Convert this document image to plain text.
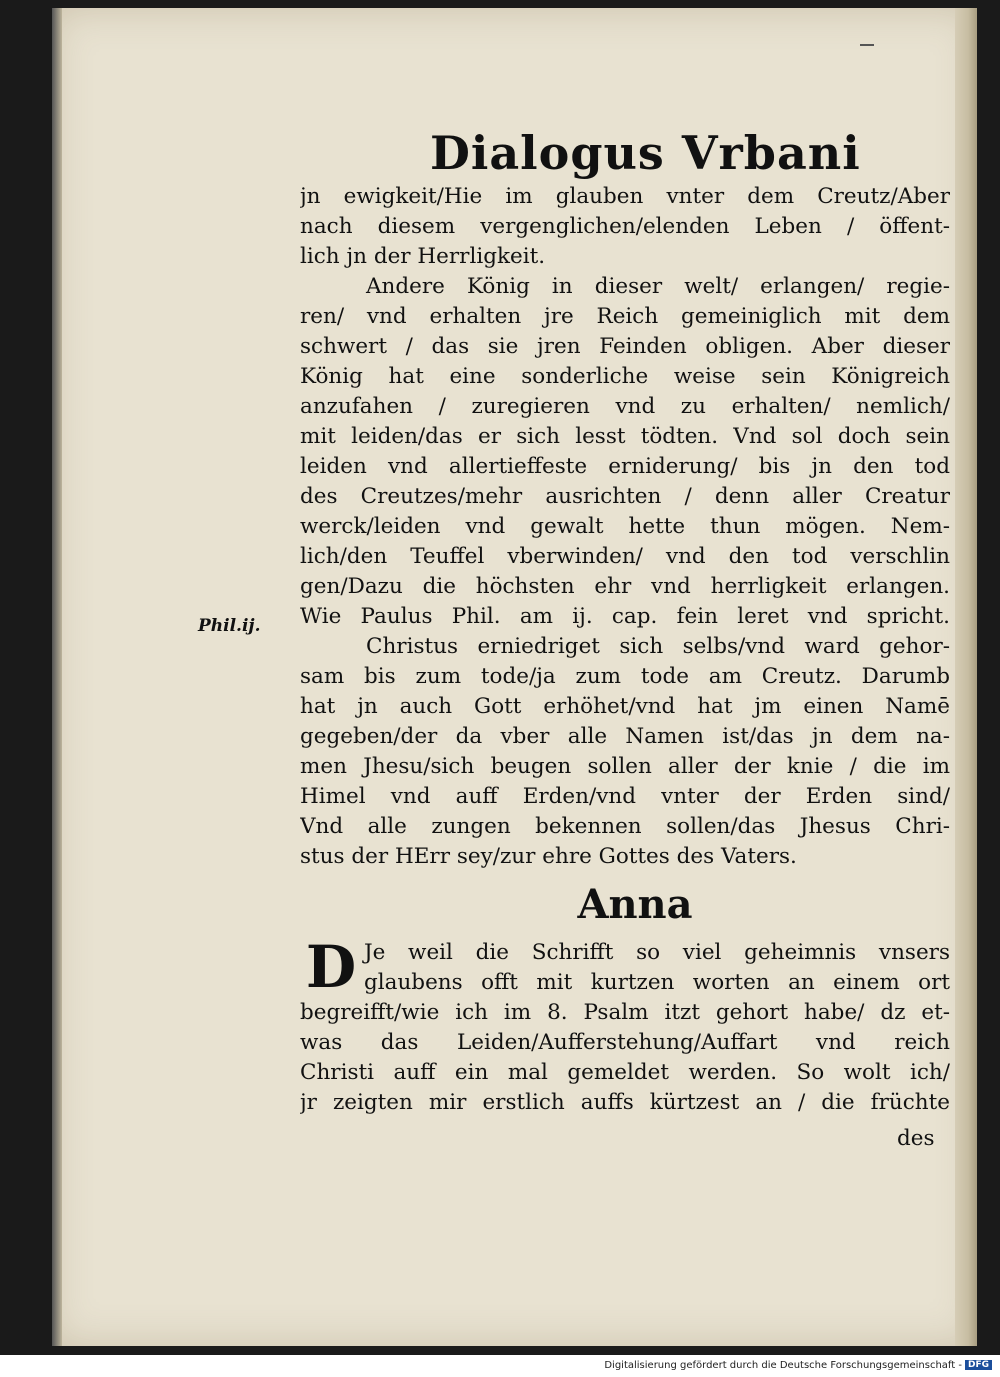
Dialogus Vrbani
Phil.ij.
jn ewigkeit/Hie im glauben vnter dem Creutz/Aber
nach diesem vergenglichen/elenden Leben / öffent-
lich jn der Herrligkeit.
Andere König in dieser welt/ erlangen/ regie-
ren/ vnd erhalten jre Reich gemeiniglich mit dem
schwert / das sie jren Feinden obligen. Aber dieser
König hat eine sonderliche weise sein Königreich
anzufahen / zuregieren vnd zu erhalten/ nemlich/
mit leiden/das er sich lesst tödten. Vnd sol doch sein
leiden vnd allertieffeste erniderung/ bis jn den tod
des Creutzes/mehr ausrichten / denn aller Creatur
werck/leiden vnd gewalt hette thun mögen. Nem-
lich/den Teuffel vberwinden/ vnd den tod verschlin
gen/Dazu die höchsten ehr vnd herrligkeit erlangen.
Wie Paulus Phil. am ij. cap. fein leret vnd spricht.
Christus erniedriget sich selbs/vnd ward gehor-
sam bis zum tode/ja zum tode am Creutz. Darumb
hat jn auch Gott erhöhet/vnd hat jm einen Namē
gegeben/der da vber alle Namen ist/das jn dem na-
men Jhesu/sich beugen sollen aller der knie / die im
Himel vnd auff Erden/vnd vnter der Erden sind/
Vnd alle zungen bekennen sollen/das Jhesus Chri-
stus der HErr sey/zur ehre Gottes des Vaters.
Anna
D Je weil die Schrifft so viel geheimnis vnsers
glaubens offt mit kurtzen worten an einem ort
begreifft/wie ich im 8. Psalm itzt gehort habe/ dz et-
was das Leiden/Aufferstehung/Auffart vnd reich
Christi auff ein mal gemeldet werden. So wolt ich/
jr zeigten mir erstlich auffs kürtzest an / die früchte
des
Digitalisierung gefördert durch die Deutsche Forschungsgemeinschaft - DFG
